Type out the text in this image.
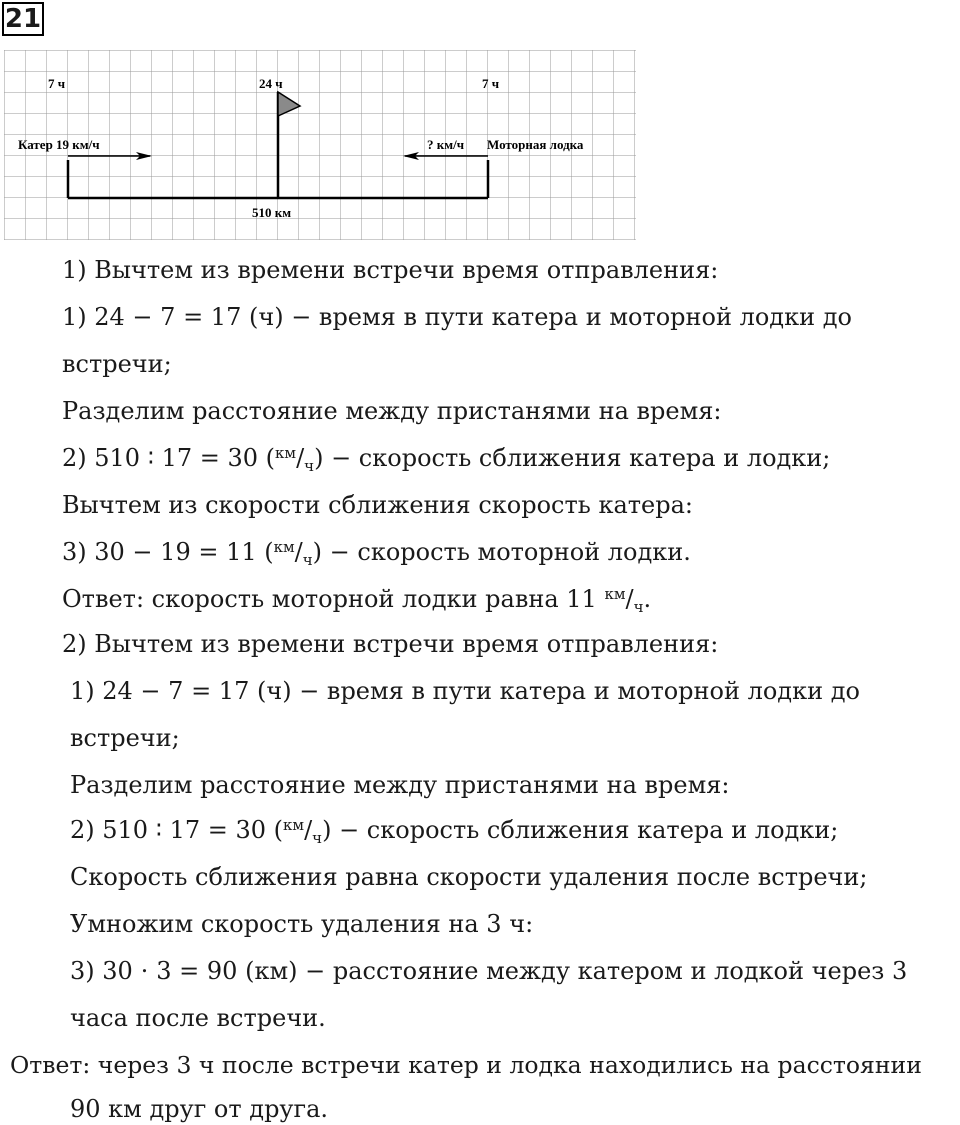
21
7 ч	24 ч	7 ч
Катер 19 км/ч	? км/ч Моторная лодка
510 км
1) Вычтем из времени встречи время отправления:
1) 24 − 7 = 17 (ч) − время в пути катера и моторной лодки до
встречи;
Разделим расстояние между пристанями на время:
2) 510 ∶ 17 = 30 $(^{км}/_ч)$ − скорость сближения катера и лодки;
Вычтем из скорости сближения скорость катера:
3) 30 − 19 = 11 $(^{км}/_ч)$ − скорость моторной лодки.
Ответ: скорость моторной лодки равна 11 $^{км}/_ч$.
2) Вычтем из времени встречи время отправления:
1) 24 − 7 = 17 (ч) − время в пути катера и моторной лодки до
встречи;
Разделим расстояние между пристанями на время:
2) 510 ∶ 17 = 30 $(^{км}/_ч)$ − скорость сближения катера и лодки;
Скорость сближения равна скорости удаления после встречи;
Умножим скорость удаления на 3 ч:
3) 30 ⋅ 3 = 90 (км) − расстояние между катером и лодкой через 3
часа после встречи.
Ответ: через 3 ч после встречи катер и лодка находились на расстоянии
90 км друг от друга.
